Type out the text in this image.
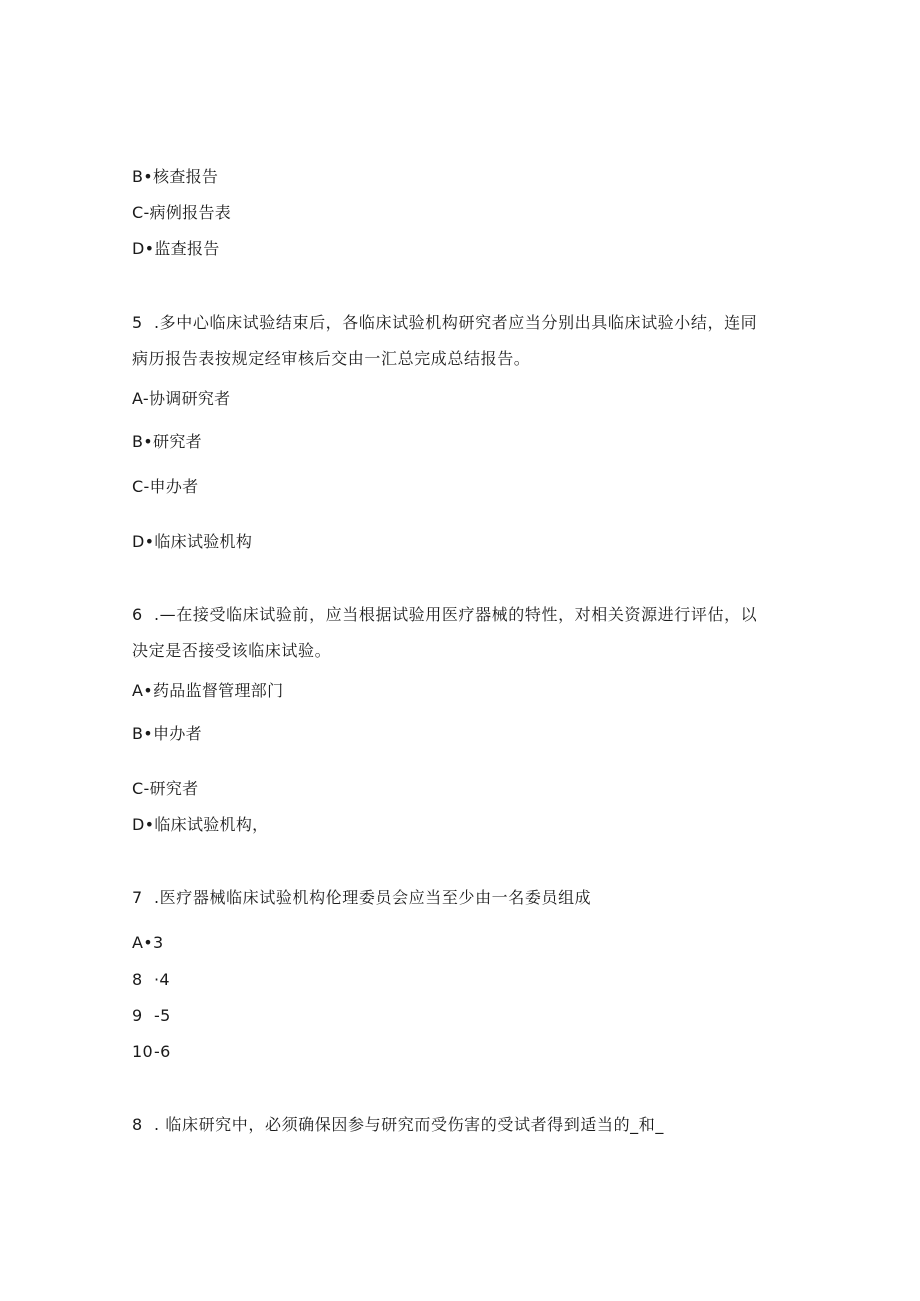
B•核查报告
C-病例报告表
D•监查报告
5 .多中心临床试验结束后，各临床试验机构研究者应当分别出具临床试验小结，连同
病历报告表按规定经审核后交由一汇总完成总结报告。
A-协调研究者
B•研究者
C-申办者
D•临床试验机构
6 .—在接受临床试验前，应当根据试验用医疗器械的特性，对相关资源进行评估，以
决定是否接受该临床试验。
A•药品监督管理部门
B•申办者
C-研究者
D•临床试验机构，
7 .医疗器械临床试验机构伦理委员会应当至少由一名委员组成
A•3
8 ·4
9 -5
10-6
8 . 临床研究中，必须确保因参与研究而受伤害的受试者得到适当的_和_
